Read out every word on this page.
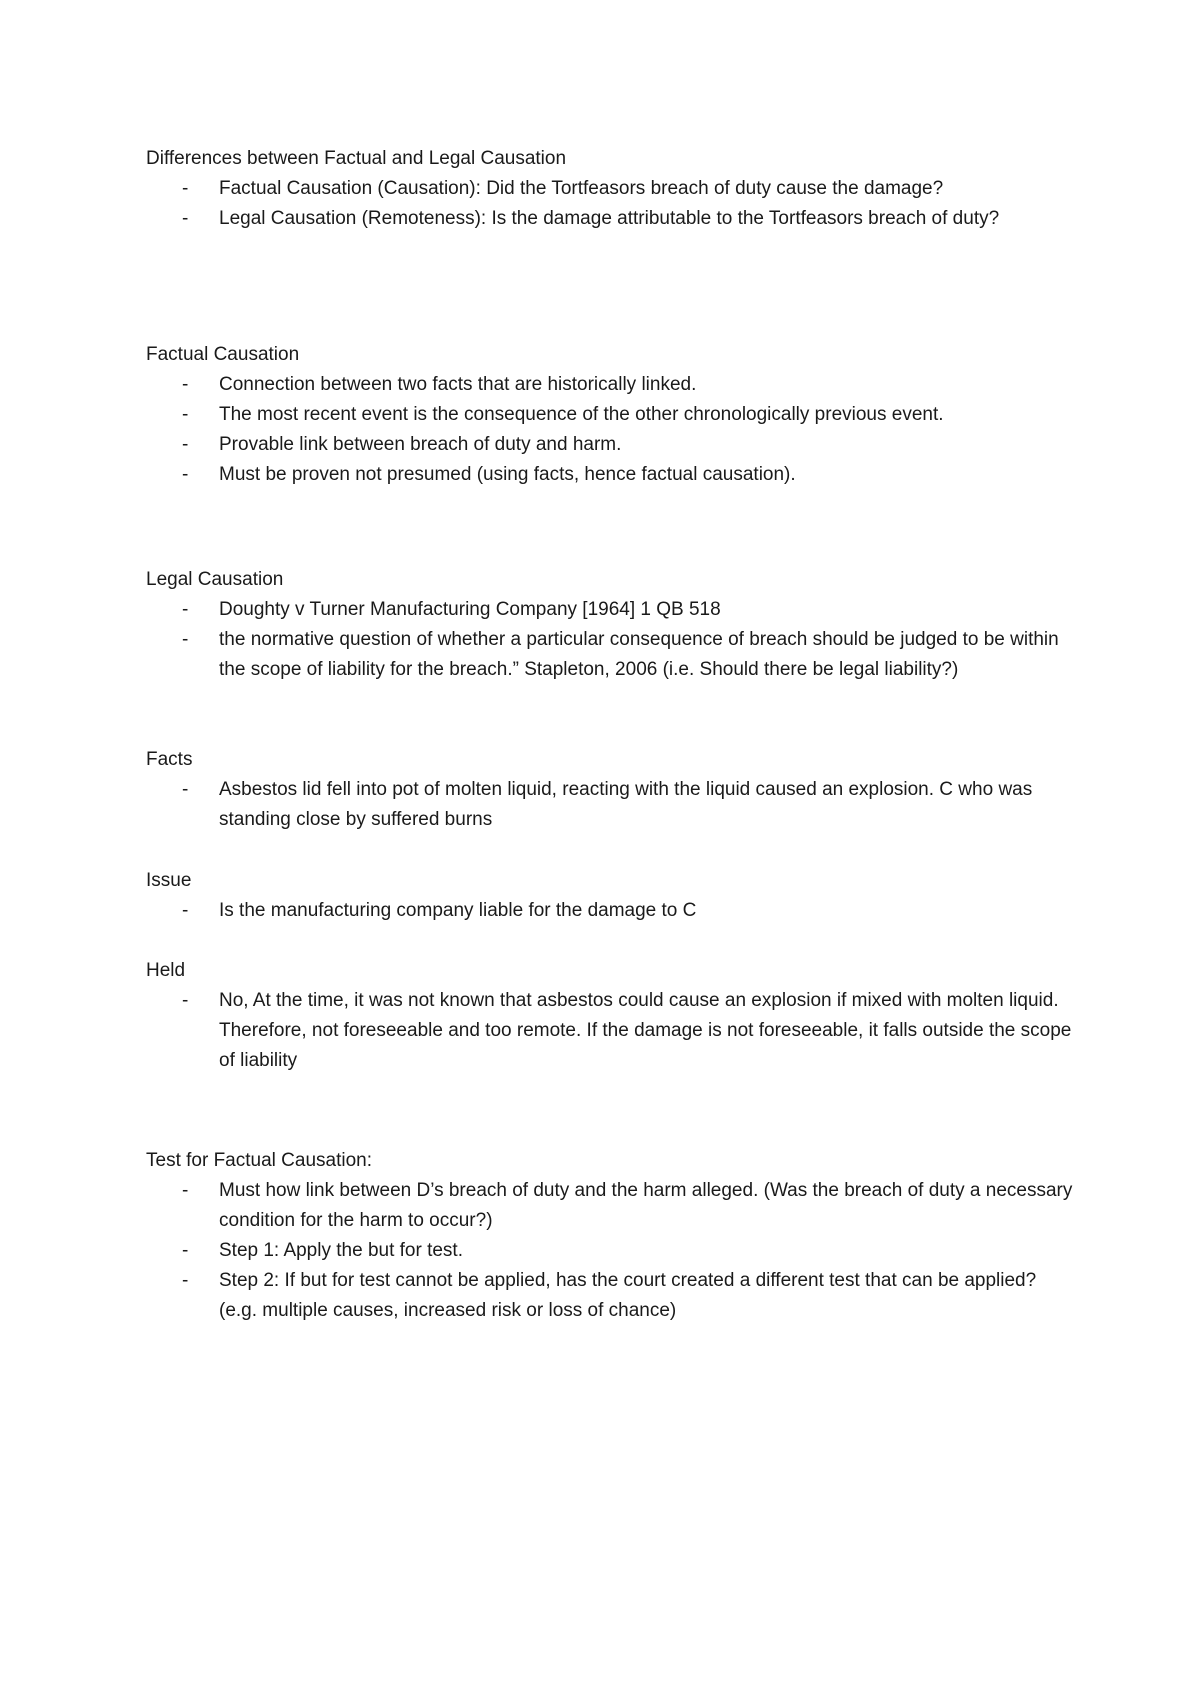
Differences between Factual and Legal Causation

- Factual Causation (Causation): Did the Tortfeasors breach of duty cause the damage?
- Legal Causation (Remoteness): Is the damage attributable to the Tortfeasors breach of duty?

Factual Causation

- Connection between two facts that are historically linked.
- The most recent event is the consequence of the other chronologically previous event.
- Provable link between breach of duty and harm.
- Must be proven not presumed (using facts, hence factual causation).

Legal Causation

- Doughty v Turner Manufacturing Company [1964] 1 QB 518
- the normative question of whether a particular consequence of breach should be judged to be within the scope of liability for the breach.” Stapleton, 2006 (i.e. Should there be legal liability?)

Facts

- Asbestos lid fell into pot of molten liquid, reacting with the liquid caused an explosion. C who was standing close by suffered burns

Issue

- Is the manufacturing company liable for the damage to C

Held

- No, At the time, it was not known that asbestos could cause an explosion if mixed with molten liquid. Therefore, not foreseeable and too remote. If the damage is not foreseeable, it falls outside the scope of liability

Test for Factual Causation:

- Must how link between D’s breach of duty and the harm alleged. (Was the breach of duty a necessary condition for the harm to occur?)
- Step 1: Apply the but for test.
- Step 2: If but for test cannot be applied, has the court created a different test that can be applied? (e.g. multiple causes, increased risk or loss of chance)
